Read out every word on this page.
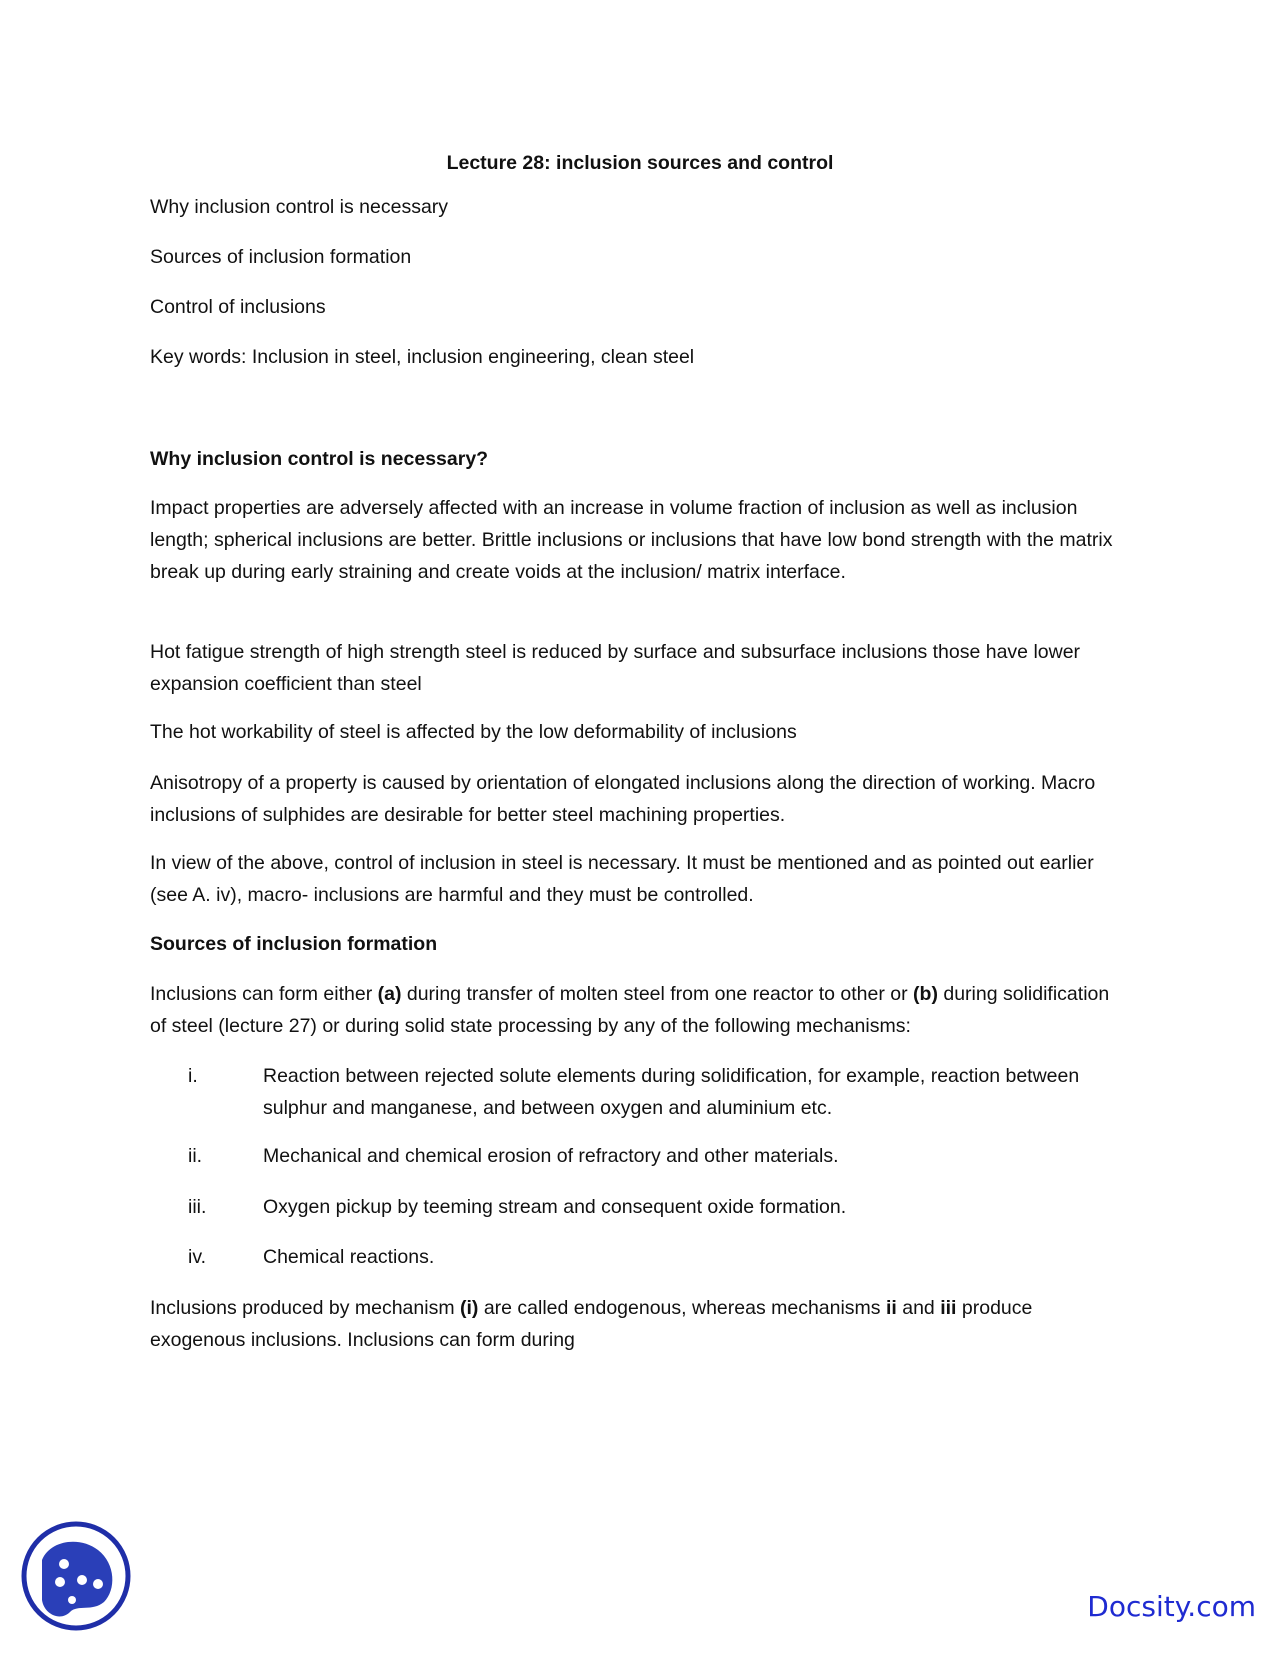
Lecture 28: inclusion sources and control
Why inclusion control is necessary
Sources of inclusion formation
Control of inclusions
Key words: Inclusion in steel, inclusion engineering, clean steel
Why inclusion control is necessary?
Impact properties are adversely affected with an increase in volume fraction of inclusion as well as inclusion length; spherical inclusions are better. Brittle inclusions or inclusions that have low bond strength with the matrix break up during early straining and create voids at the inclusion/ matrix interface.
Hot fatigue strength of high strength steel is reduced by surface and subsurface inclusions those have lower expansion coefficient than steel
The hot workability of steel is affected by the low deformability of inclusions
Anisotropy of a property is caused by orientation of elongated inclusions along the direction of working. Macro inclusions of sulphides are desirable for better steel machining properties.
In view of the above, control of inclusion in steel is necessary. It must be mentioned and as pointed out earlier (see A. iv), macro- inclusions are harmful and they must be controlled.
Sources of inclusion formation
Inclusions can form either (a) during transfer of molten steel from one reactor to other or (b) during solidification of steel (lecture 27) or during solid state processing by any of the following mechanisms:
i.	Reaction between rejected solute elements during solidification, for example, reaction between sulphur and manganese, and between oxygen and aluminium etc.
ii.	Mechanical and chemical erosion of refractory and other materials.
iii.	Oxygen pickup by teeming stream and consequent oxide formation.
iv.	Chemical reactions.
Inclusions produced by mechanism (i) are called endogenous, whereas mechanisms ii and iii produce exogenous inclusions. Inclusions can form during
Docsity.com
